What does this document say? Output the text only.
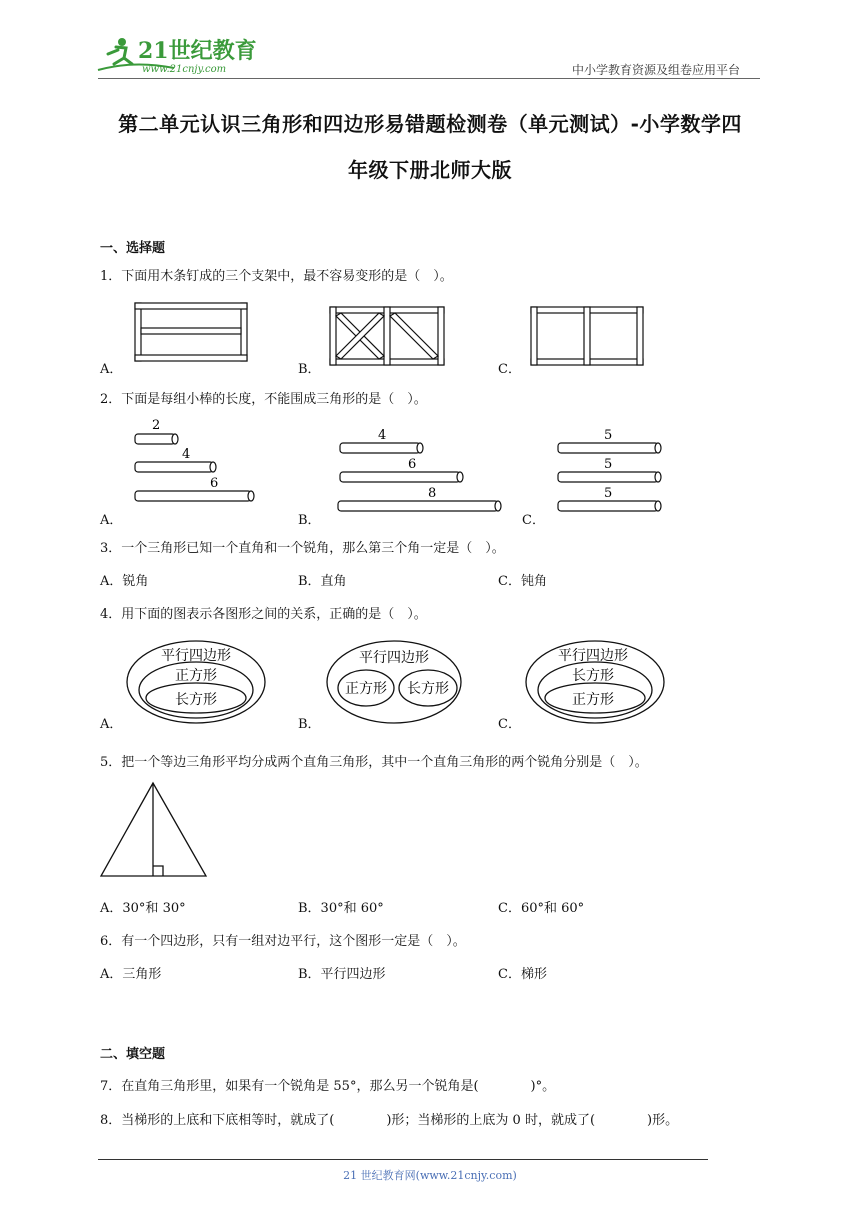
21世纪教育
www.21cnjy.com	中小学教育资源及组卷应用平台
第二单元认识三角形和四边形易错题检测卷（单元测试）-小学数学四
年级下册北师大版
一、选择题
1．下面用木条钉成的三个支架中，最不容易变形的是（　）。
A．	B．	C．
2．下面是每组小棒的长度，不能围成三角形的是（　）。
A．	B．	C．
2
4
6
4
6
8
5
5
5
3．一个三角形已知一个直角和一个锐角，那么第三个角一定是（　）。
A．锐角	B．直角	C．钝角
4．用下面的图表示各图形之间的关系，正确的是（　）。
A．	B．	C．
平行四边形
正方形
长方形
平行四边形
正方形 长方形
平行四边形
长方形
正方形
5．把一个等边三角形平均分成两个直角三角形，其中一个直角三角形的两个锐角分别是（　）。
A．30°和 30°	B．30°和 60°	C．60°和 60°
6．有一个四边形，只有一组对边平行，这个图形一定是（　）。
A．三角形	B．平行四边形	C．梯形
二、填空题
7．在直角三角形里，如果有一个锐角是 55°，那么另一个锐角是(　　　　)°。
8．当梯形的上底和下底相等时，就成了(　　　　)形；当梯形的上底为 0 时，就成了(　　　　)形。
21 世纪教育网(www.21cnjy.com)
